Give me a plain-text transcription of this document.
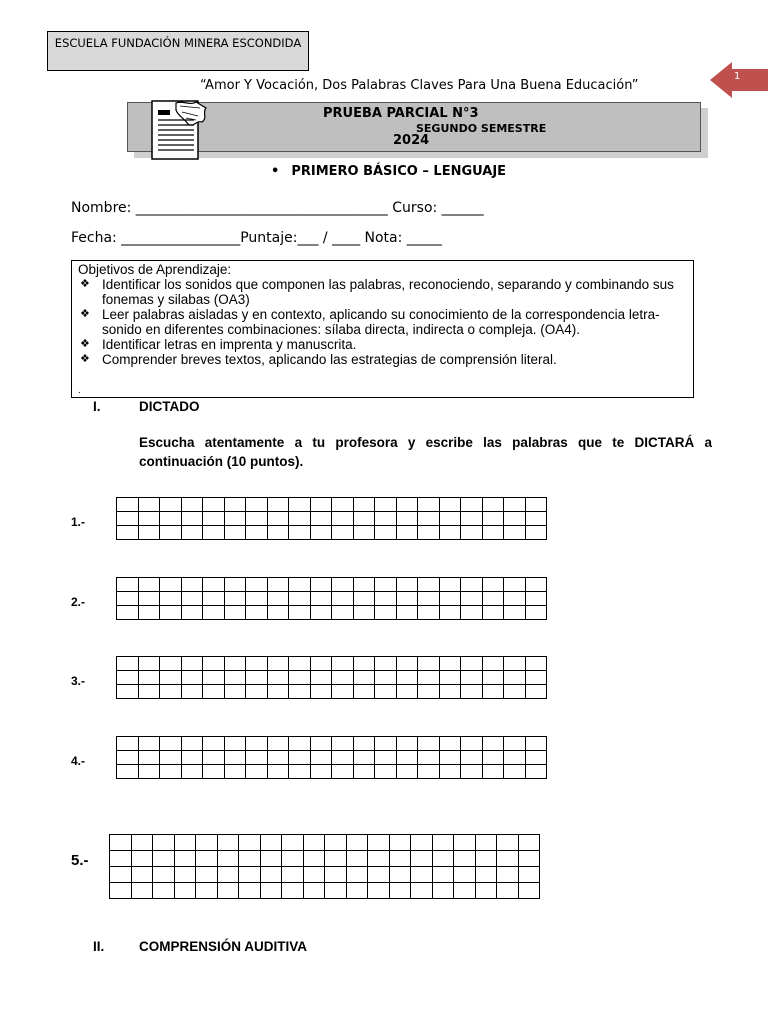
ESCUELA FUNDACIÓN MINERA ESCONDIDA
“Amor Y Vocación, Dos Palabras Claves Para Una Buena Educación”
1
PRUEBA PARCIAL N°3
SEGUNDO SEMESTRE
2024
• PRIMERO BÁSICO – LENGUAJE
Nombre: ____________________________________ Curso: ______
Fecha: _________________Puntaje:___ / ____ Nota: _____

Objetivos de Aprendizaje:

❖ Identificar los sonidos que componen las palabras, reconociendo, separando y combinando sus fonemas y silabas (OA3)
❖ Leer palabras aisladas y en contexto, aplicando su conocimiento de la correspondencia letra-sonido en diferentes combinaciones: sílaba directa, indirecta o compleja. (OA4).
❖ Identificar letras en imprenta y manuscrita.
❖ Comprender breves textos, aplicando las estrategias de comprensión literal.
.
I.	DICTADO
Escucha atentamente a tu profesora y escribe las palabras que te DICTARÁ a continuación (10 puntos).
1.-

2.-

3.-

4.-

5.-

II.	COMPRENSIÓN AUDITIVA
